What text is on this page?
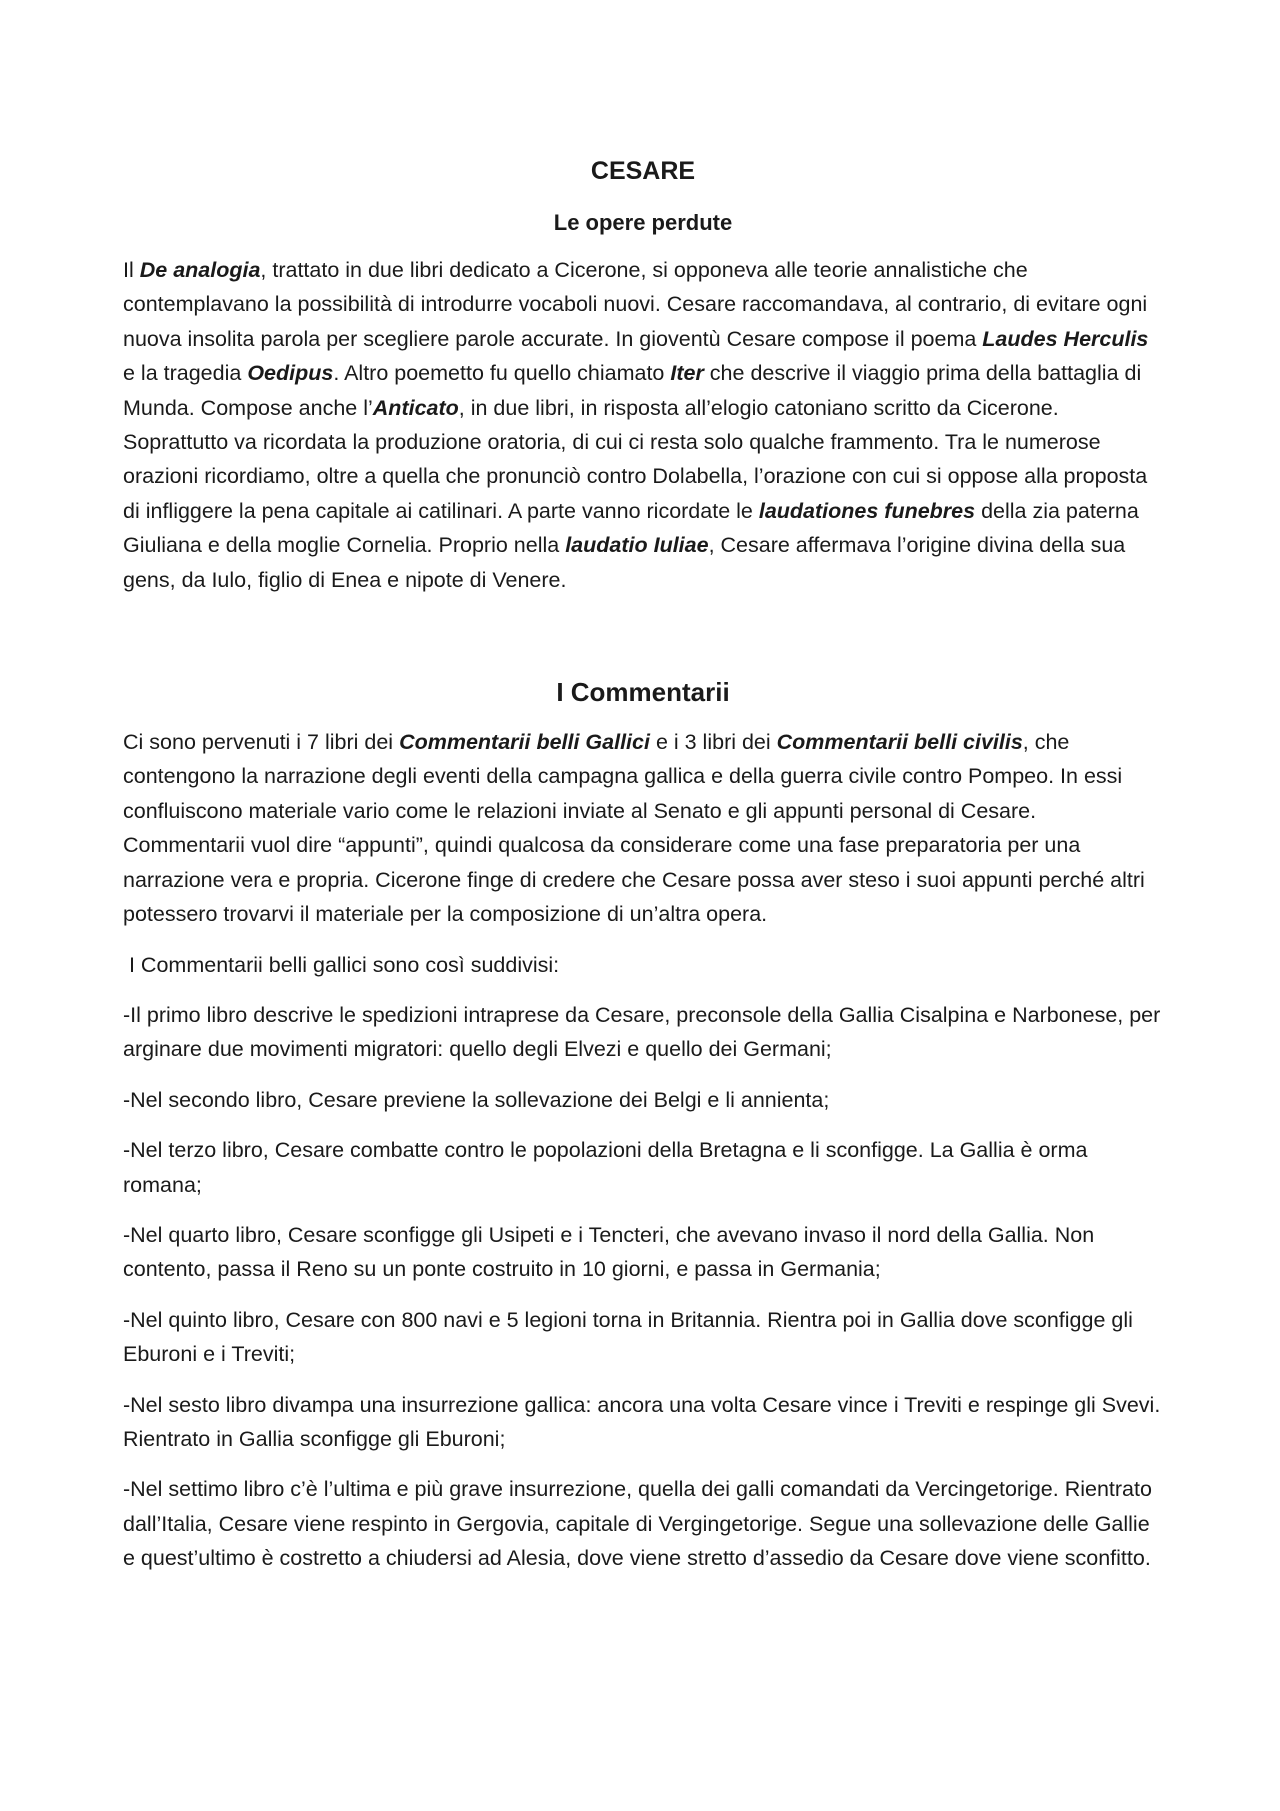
CESARE
Le opere perdute

Il De analogia, trattato in due libri dedicato a Cicerone, si opponeva alle teorie annalistiche che contemplavano la possibilità di introdurre vocaboli nuovi. Cesare raccomandava, al contrario, di evitare ogni nuova insolita parola per scegliere parole accurate. In gioventù Cesare compose il poema Laudes Herculis e la tragedia Oedipus. Altro poemetto fu quello chiamato Iter che descrive il viaggio prima della battaglia di Munda. Compose anche l’Anticato, in due libri, in risposta all’elogio catoniano scritto da Cicerone. Soprattutto va ricordata la produzione oratoria, di cui ci resta solo qualche frammento. Tra le numerose orazioni ricordiamo, oltre a quella che pronunciò contro Dolabella, l’orazione con cui si oppose alla proposta di infliggere la pena capitale ai catilinari. A parte vanno ricordate le laudationes funebres della zia paterna Giuliana e della moglie Cornelia. Proprio nella laudatio Iuliae, Cesare affermava l’origine divina della sua gens, da Iulo, figlio di Enea e nipote di Venere.

I Commentarii

Ci sono pervenuti i 7 libri dei Commentarii belli Gallici e i 3 libri dei Commentarii belli civilis, che contengono la narrazione degli eventi della campagna gallica e della guerra civile contro Pompeo. In essi confluiscono materiale vario come le relazioni inviate al Senato e gli appunti personal di Cesare. Commentarii vuol dire “appunti”, quindi qualcosa da considerare come una fase preparatoria per una narrazione vera e propria. Cicerone finge di credere che Cesare possa aver steso i suoi appunti perché altri potessero trovarvi il materiale per la composizione di un’altra opera.

I Commentarii belli gallici sono così suddivisi:

-Il primo libro descrive le spedizioni intraprese da Cesare, preconsole della Gallia Cisalpina e Narbonese, per arginare due movimenti migratori: quello degli Elvezi e quello dei Germani;

-Nel secondo libro, Cesare previene la sollevazione dei Belgi e li annienta;

-Nel terzo libro, Cesare combatte contro le popolazioni della Bretagna e li sconfigge. La Gallia è orma romana;

-Nel quarto libro, Cesare sconfigge gli Usipeti e i Tencteri, che avevano invaso il nord della Gallia. Non contento, passa il Reno su un ponte costruito in 10 giorni, e passa in Germania;

-Nel quinto libro, Cesare con 800 navi e 5 legioni torna in Britannia. Rientra poi in Gallia dove sconfigge gli Eburoni e i Treviti;

-Nel sesto libro divampa una insurrezione gallica: ancora una volta Cesare vince i Treviti e respinge gli Svevi. Rientrato in Gallia sconfigge gli Eburoni;

-Nel settimo libro c’è l’ultima e più grave insurrezione, quella dei galli comandati da Vercingetorige. Rientrato dall’Italia, Cesare viene respinto in Gergovia, capitale di Vergingetorige. Segue una sollevazione delle Gallie e quest’ultimo è costretto a chiudersi ad Alesia, dove viene stretto d’assedio da Cesare dove viene sconfitto.
